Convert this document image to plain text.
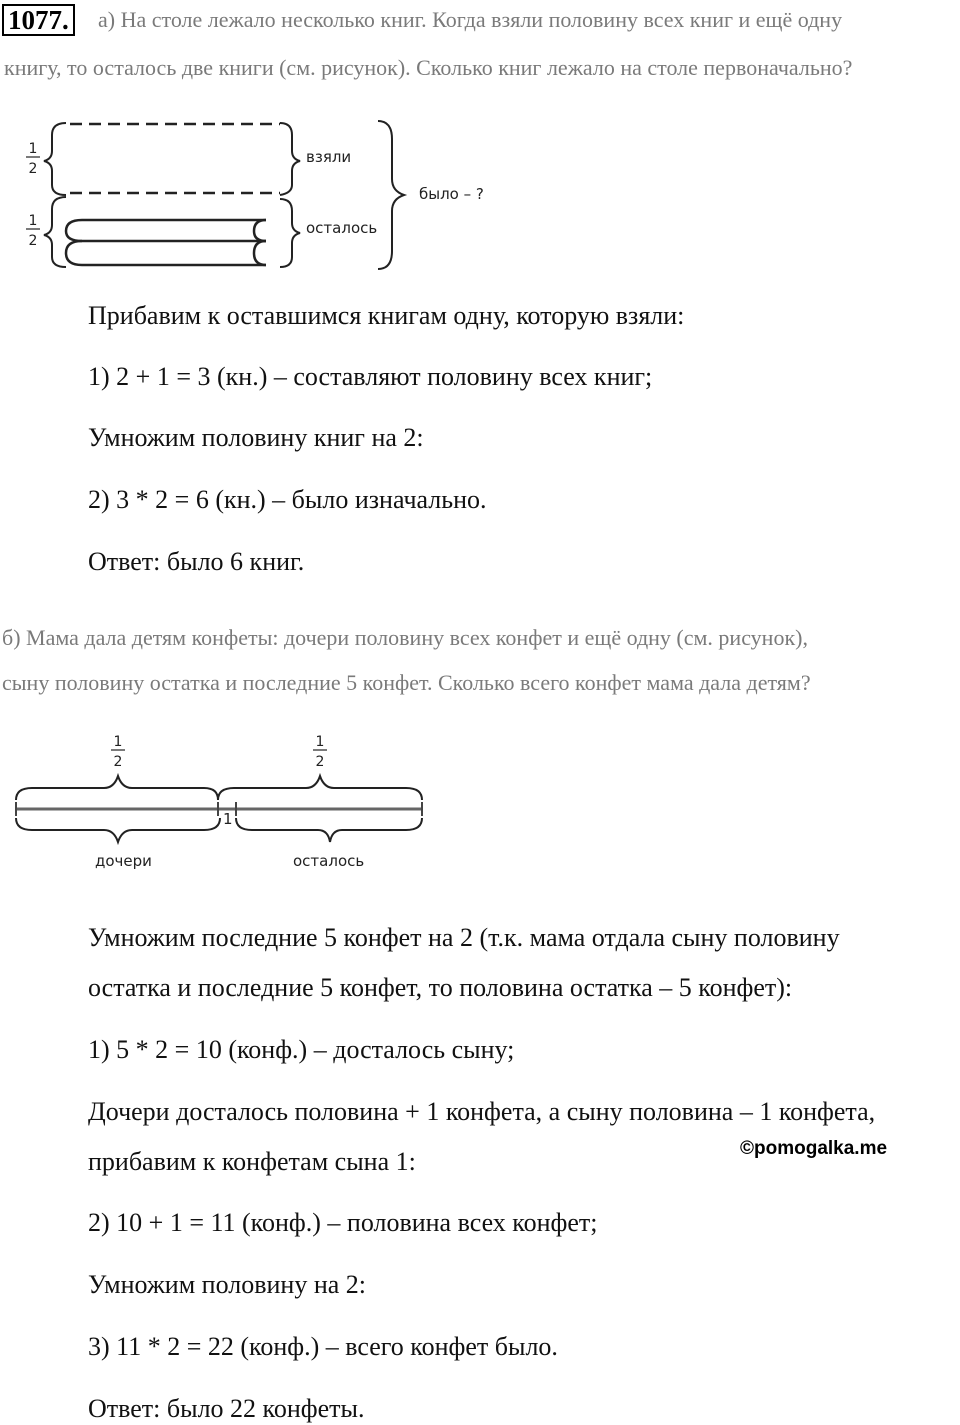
1077. а) На столе лежало несколько книг. Когда взяли половину всех книг и ещё одну
книгу, то осталось две книги (см. рисунок). Сколько книг лежало на столе первоначально?
1
2
1
2
взяли
осталось
было – ?
Прибавим к оставшимся книгам одну, которую взяли:
1) 2 + 1 = 3 (кн.) – составляют половину всех книг;
Умножим половину книг на 2:
2) 3 * 2 = 6 (кн.) – было изначально.
Ответ: было 6 книг.
б) Мама дала детям конфеты: дочери половину всех конфет и ещё одну (см. рисунок),
сыну половину остатка и последние 5 конфет. Сколько всего конфет мама дала детям?
1
2
1
2
1
дочери	осталось
Умножим последние 5 конфет на 2 (т.к. мама отдала сыну половину
остатка и последние 5 конфет, то половина остатка – 5 конфет):
1) 5 * 2 = 10 (конф.) – досталось сыну;
Дочери досталось половина + 1 конфета, а сыну половина – 1 конфета,
прибавим к конфетам сына 1:
2) 10 + 1 = 11 (конф.) – половина всех конфет;
Умножим половину на 2:
3) 11 * 2 = 22 (конф.) – всего конфет было.
Ответ: было 22 конфеты.
©pomogalka.me
